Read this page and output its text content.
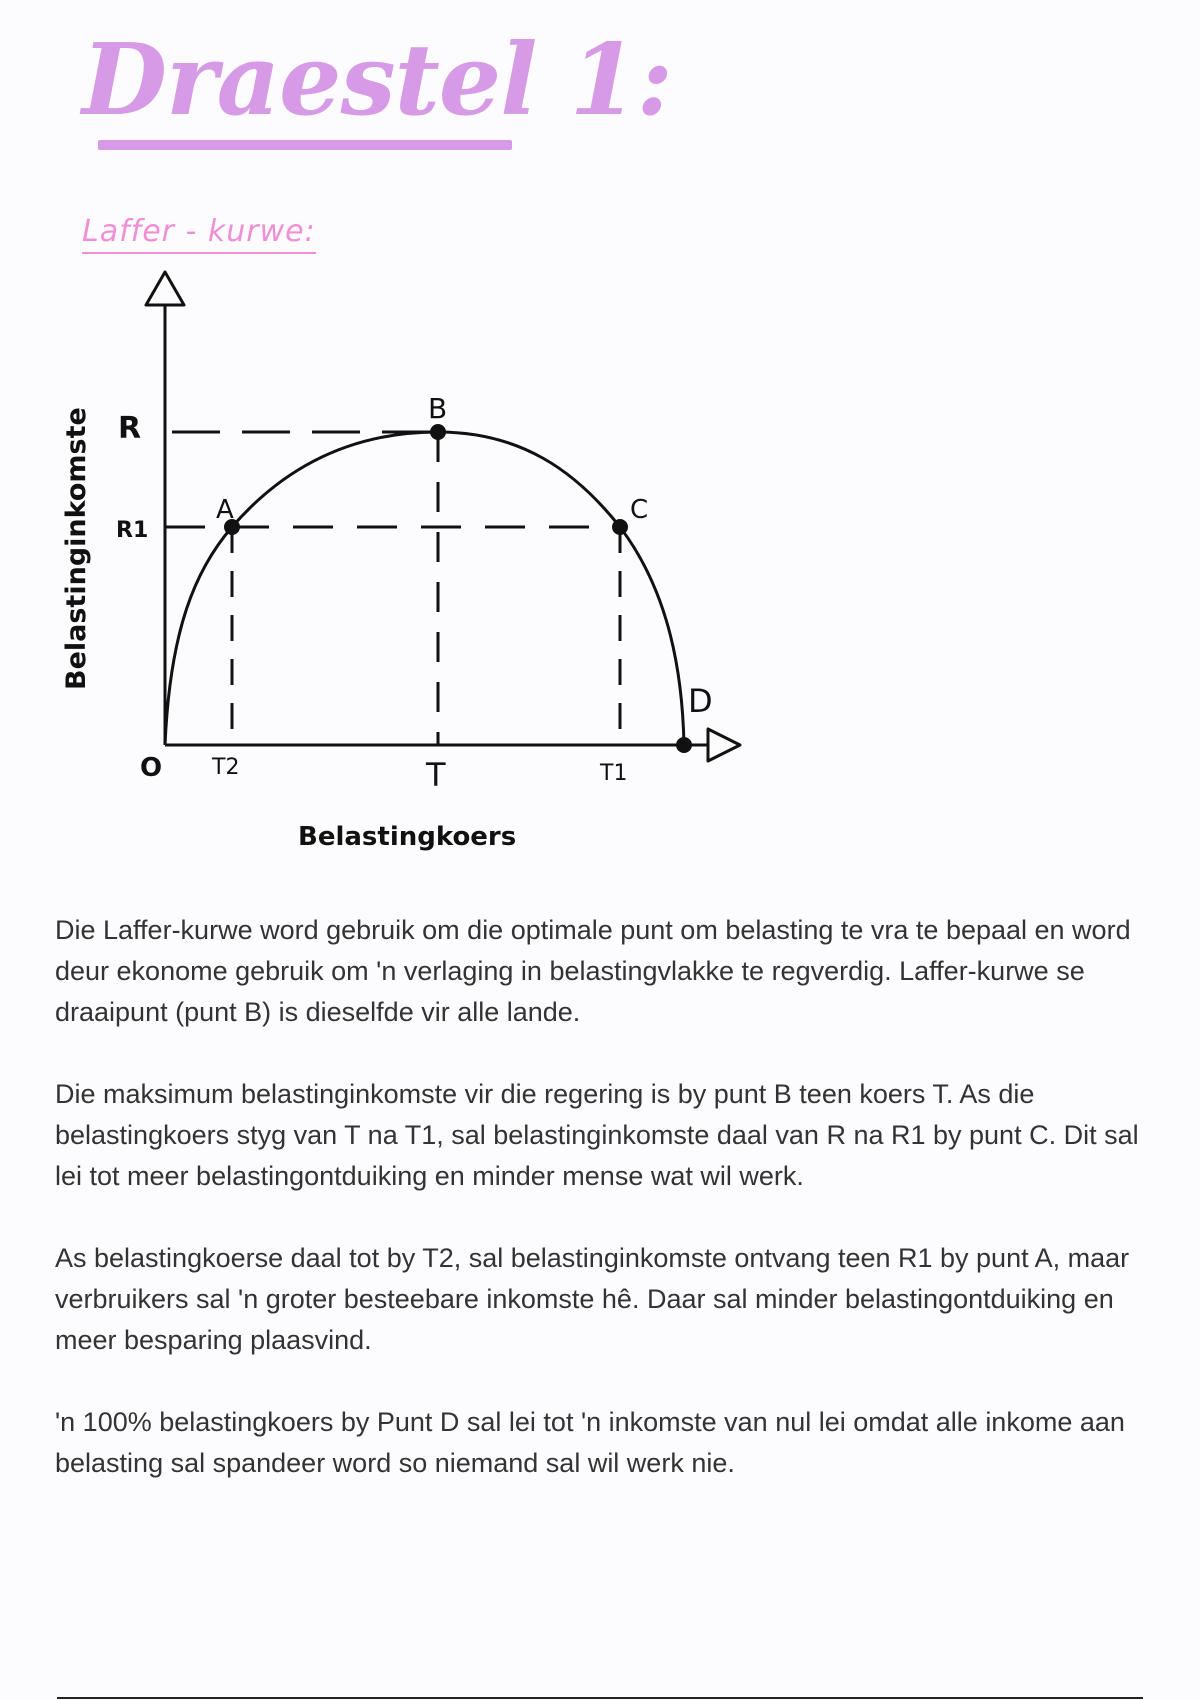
Draestel 1:
Laffer - kurwe:
A
B
C
D
R
R1
O T2	T	T1
Belastingkoers
Belastinginkomste

Die Laffer-kurwe word gebruik om die optimale punt om belasting te vra te bepaal en word deur ekonome gebruik om 'n verlaging in belastingvlakke te regverdig. Laffer-kurwe se draaipunt (punt B) is dieselfde vir alle lande.

Die maksimum belastinginkomste vir die regering is by punt B teen koers T. As die belastingkoers styg van T na T1, sal belastinginkomste daal van R na R1 by punt C. Dit sal lei tot meer belastingontduiking en minder mense wat wil werk.

As belastingkoerse daal tot by T2, sal belastinginkomste ontvang teen R1 by punt A, maar verbruikers sal 'n groter besteebare inkomste hê. Daar sal minder belastingontduiking en meer besparing plaasvind.

'n 100% belastingkoers by Punt D sal lei tot 'n inkomste van nul lei omdat alle inkome aan belasting sal spandeer word so niemand sal wil werk nie.
